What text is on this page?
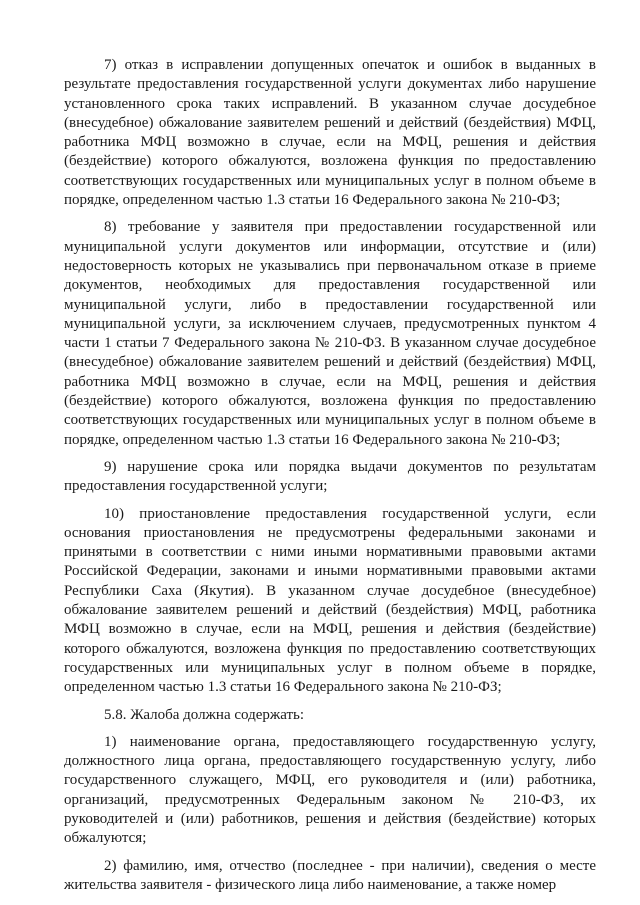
7) отказ в исправлении допущенных опечаток и ошибок в выданных в результате предоставления государственной услуги документах либо нарушение установленного срока таких исправлений. В указанном случае досудебное (внесудебное) обжалование заявителем решений и действий (бездействия) МФЦ, работника МФЦ возможно в случае, если на МФЦ, решения и действия (бездействие) которого обжалуются, возложена функция по предоставлению соответствующих государственных или муниципальных услуг в полном объеме в порядке, определенном частью 1.3 статьи 16 Федерального закона № 210-ФЗ;

8) требование у заявителя при предоставлении государственной или муниципальной услуги документов или информации, отсутствие и (или) недостоверность которых не указывались при первоначальном отказе в приеме документов, необходимых для предоставления государственной или муниципальной услуги, либо в предоставлении государственной или муниципальной услуги, за исключением случаев, предусмотренных пунктом 4 части 1 статьи 7 Федерального закона № 210-ФЗ. В указанном случае досудебное (внесудебное) обжалование заявителем решений и действий (бездействия) МФЦ, работника МФЦ возможно в случае, если на МФЦ, решения и действия (бездействие) которого обжалуются, возложена функция по предоставлению соответствующих государственных или муниципальных услуг в полном объеме в порядке, определенном частью 1.3 статьи 16 Федерального закона № 210-ФЗ;

9) нарушение срока или порядка выдачи документов по результатам предоставления государственной услуги;

10) приостановление предоставления государственной услуги, если основания приостановления не предусмотрены федеральными законами и принятыми в соответствии с ними иными нормативными правовыми актами Российской Федерации, законами и иными нормативными правовыми актами Республики Саха (Якутия). В указанном случае досудебное (внесудебное) обжалование заявителем решений и действий (бездействия) МФЦ, работника МФЦ возможно в случае, если на МФЦ, решения и действия (бездействие) которого обжалуются, возложена функция по предоставлению соответствующих государственных или муниципальных услуг в полном объеме в порядке, определенном частью 1.3 статьи 16 Федерального закона № 210-ФЗ;

5.8. Жалоба должна содержать:

1) наименование органа, предоставляющего государственную услугу, должностного лица органа, предоставляющего государственную услугу, либо государственного служащего, МФЦ, его руководителя и (или) работника, организаций, предусмотренных Федеральным законом № 210-ФЗ, их руководителей и (или) работников, решения и действия (бездействие) которых обжалуются;

2) фамилию, имя, отчество (последнее - при наличии), сведения о месте жительства заявителя - физического лица либо наименование, а также номер
